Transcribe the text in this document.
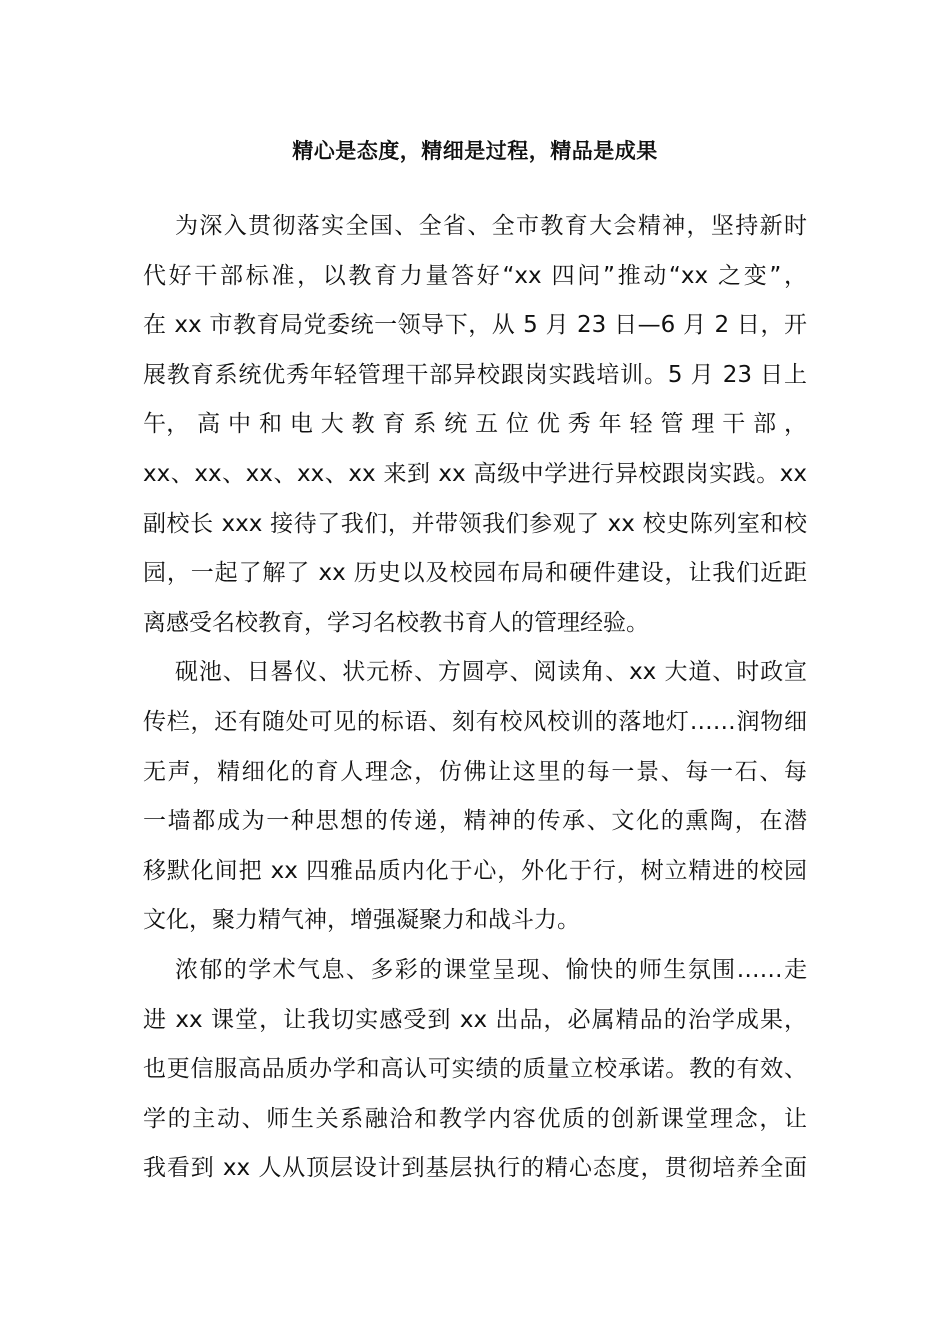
精心是态度，精细是过程，精品是成果
为深入贯彻落实全国、全省、全市教育大会精神，坚持新时
代好干部标准，以教育力量答好“xx 四问”推动“xx 之变”，
在 xx 市教育局党委统一领导下，从 5 月 23 日—6 月 2 日，开
展教育系统优秀年轻管理干部异校跟岗实践培训。5 月 23 日上
午， 高 中 和 电 大 教 育 系 统 五 位 优 秀 年 轻 管 理 干 部 ，
xx、xx、xx、xx、xx 来到 xx 高级中学进行异校跟岗实践。xx
副校长 xxx 接待了我们，并带领我们参观了 xx 校史陈列室和校
园，一起了解了 xx 历史以及校园布局和硬件建设，让我们近距
离感受名校教育，学习名校教书育人的管理经验。
砚池、日晷仪、状元桥、方圆亭、阅读角、xx 大道、时政宣
传栏，还有随处可见的标语、刻有校风校训的落地灯……润物细
无声，精细化的育人理念，仿佛让这里的每一景、每一石、每
一墙都成为一种思想的传递，精神的传承、文化的熏陶，在潜
移默化间把 xx 四雅品质内化于心，外化于行，树立精进的校园
文化，聚力精气神，增强凝聚力和战斗力。
浓郁的学术气息、多彩的课堂呈现、愉快的师生氛围……走
进 xx 课堂，让我切实感受到 xx 出品，必属精品的治学成果，
也更信服高品质办学和高认可实绩的质量立校承诺。教的有效、
学的主动、师生关系融洽和教学内容优质的创新课堂理念，让
我看到 xx 人从顶层设计到基层执行的精心态度，贯彻培养全面
